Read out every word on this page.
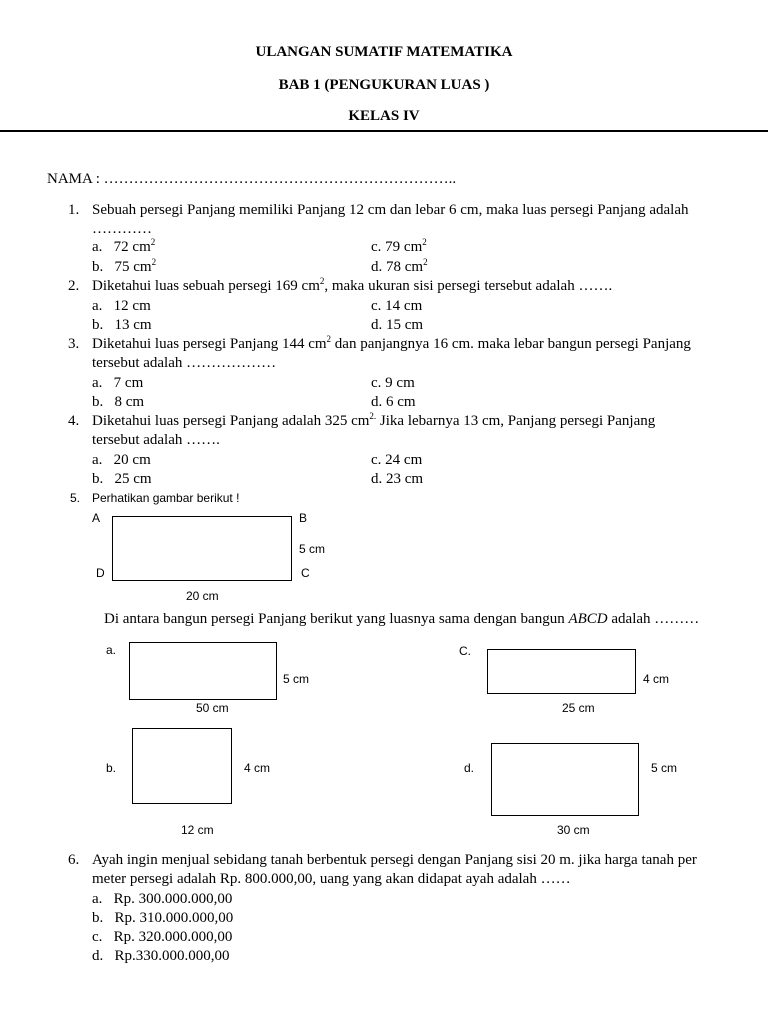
ULANGAN SUMATIF MATEMATIKA
BAB 1 (PENGUKURAN LUAS )
KELAS IV
NAMA : ……………………………………………………………..
1. Sebuah persegi Panjang memiliki Panjang 12 cm dan lebar 6 cm, maka luas persegi Panjang adalah
…………
a. 72 $cm^2$
b. 75 $cm^2$
c. 79 $cm^2$
d. 78 $cm^2$
2. Diketahui luas sebuah persegi 169 $cm^2$, maka ukuran sisi persegi tersebut adalah …….
a. 12 cm
b. 13 cm
c. 14 cm
d. 15 cm
3. Diketahui luas persegi Panjang 144 $cm^2$ dan panjangnya 16 cm. maka lebar bangun persegi Panjang
tersebut adalah ………………
a. 7 cm
b. 8 cm
c. 9 cm
d. 6 cm
4. Diketahui luas persegi Panjang adalah 325 $cm^{2.}$ Jika lebarnya 13 cm, Panjang persegi Panjang
tersebut adalah …….
a. 20 cm
b. 25 cm
c. 24 cm
d. 23 cm
5. Perhatikan gambar berikut !
A	B
D	C
5 cm
20 cm
Di antara bangun persegi Panjang berikut yang luasnya sama dengan bangun ABCD adalah ………
a.
5 cm
50 cm
C.
4 cm
25 cm
b.	4 cm
12 cm
d.	5 cm
30 cm
6. Ayah ingin menjual sebidang tanah berbentuk persegi dengan Panjang sisi 20 m. jika harga tanah per
meter persegi adalah Rp. 800.000,00, uang yang akan didapat ayah adalah ……
a. Rp. 300.000.000,00
b. Rp. 310.000.000,00
c. Rp. 320.000.000,00
d. Rp.330.000.000,00
